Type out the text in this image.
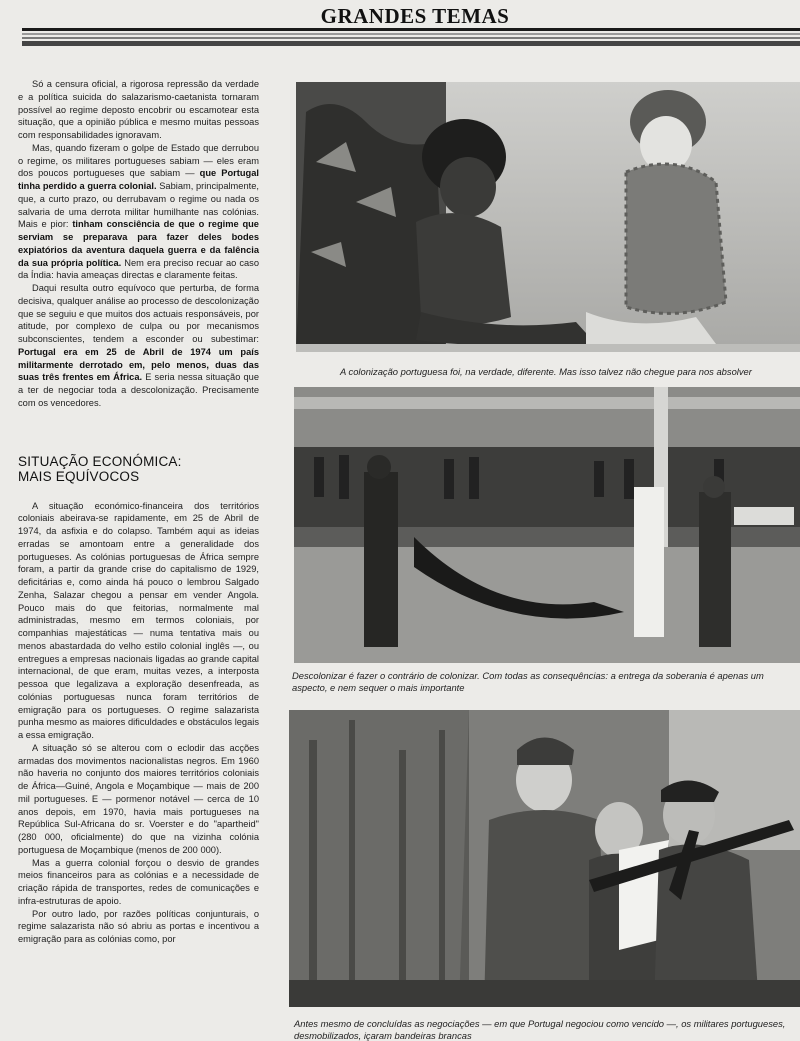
GRANDES TEMAS

Só a censura oficial, a rigorosa repressão da verdade e a política suicida do salazarismo-caetanista tornaram possível ao regime deposto encobrir ou escamotear esta situação, que a opinião pública e mesmo muitas pessoas com responsabilidades ignoravam.

Mas, quando fizeram o golpe de Estado que derrubou o regime, os militares portugueses sabiam — eles eram dos poucos portugueses que sabiam — que Portugal tinha perdido a guerra colonial. Sabiam, principalmente, que, a curto prazo, ou derrubavam o regime ou nada os salvaria de uma derrota militar humilhante nas colónias. Mais e pior: tinham consciência de que o regime que serviam se preparava para fazer deles bodes expiatórios da aventura daquela guerra e da falência da sua própria política. Nem era preciso recuar ao caso da Índia: havia ameaças directas e claramente feitas.

Daqui resulta outro equívoco que perturba, de forma decisiva, qualquer análise ao processo de descolonização que se seguiu e que muitos dos actuais responsáveis, por atitude, por complexo de culpa ou por mecanismos subconscientes, tendem a esconder ou subestimar: Portugal era em 25 de Abril de 1974 um país militarmente derrotado em, pelo menos, duas das suas três frentes em África. E seria nessa situação que a ter de negociar toda a descolonização. Precisamente com os vencedores.

SITUAÇÃO ECONÓMICA:
MAIS EQUÍVOCOS

A situação económico-financeira dos territórios coloniais abeirava-se rapidamente, em 25 de Abril de 1974, da asfixia e do colapso. Também aqui as ideias erradas se amontoam entre a generalidade dos portugueses. As colónias portuguesas de África sempre foram, a partir da grande crise do capitalismo de 1929, deficitárias e, como ainda há pouco o lembrou Salgado Zenha, Salazar chegou a pensar em vender Angola. Pouco mais do que feitorias, normalmente mal administradas, mesmo em termos coloniais, por companhias majestáticas — numa tentativa mais ou menos abastardada do velho estilo colonial inglês —, ou entregues a empresas nacionais ligadas ao grande capital internacional, de que eram, muitas vezes, a interposta pessoa que legalizava a exploração desenfreada, as colónias portuguesas nunca foram territórios de emigração para os portugueses. O regime salazarista punha mesmo as maiores dificuldades e obstáculos legais a essa emigração.

A situação só se alterou com o eclodir das acções armadas dos movimentos nacionalistas negros. Em 1960 não haveria no conjunto dos maiores territórios coloniais de África—Guiné, Angola e Moçambique — mais de 200 mil portugueses. E — pormenor notável — cerca de 10 anos depois, em 1970, havia mais portugueses na República Sul-Africana do sr. Voerster e do "apartheid" (280 000, oficialmente) do que na vizinha colónia portuguesa de Moçambique (menos de 200 000).

Mas a guerra colonial forçou o desvio de grandes meios financeiros para as colónias e a necessidade de criação rápida de transportes, redes de comunicações e infra-estruturas de apoio.

Por outro lado, por razões políticas conjunturais, o regime salazarista não só abriu as portas e incentivou a emigração para as colónias como, por

A colonização portuguesa foi, na verdade, diferente. Mas isso talvez não chegue para nos absolver
Descolonizar é fazer o contrário de colonizar. Com todas as consequências: a entrega da soberania é apenas um aspecto, e nem sequer o mais importante
Antes mesmo de concluídas as negociações — em que Portugal negociou como vencido —, os militares portugueses, desmobilizados, içaram bandeiras brancas
